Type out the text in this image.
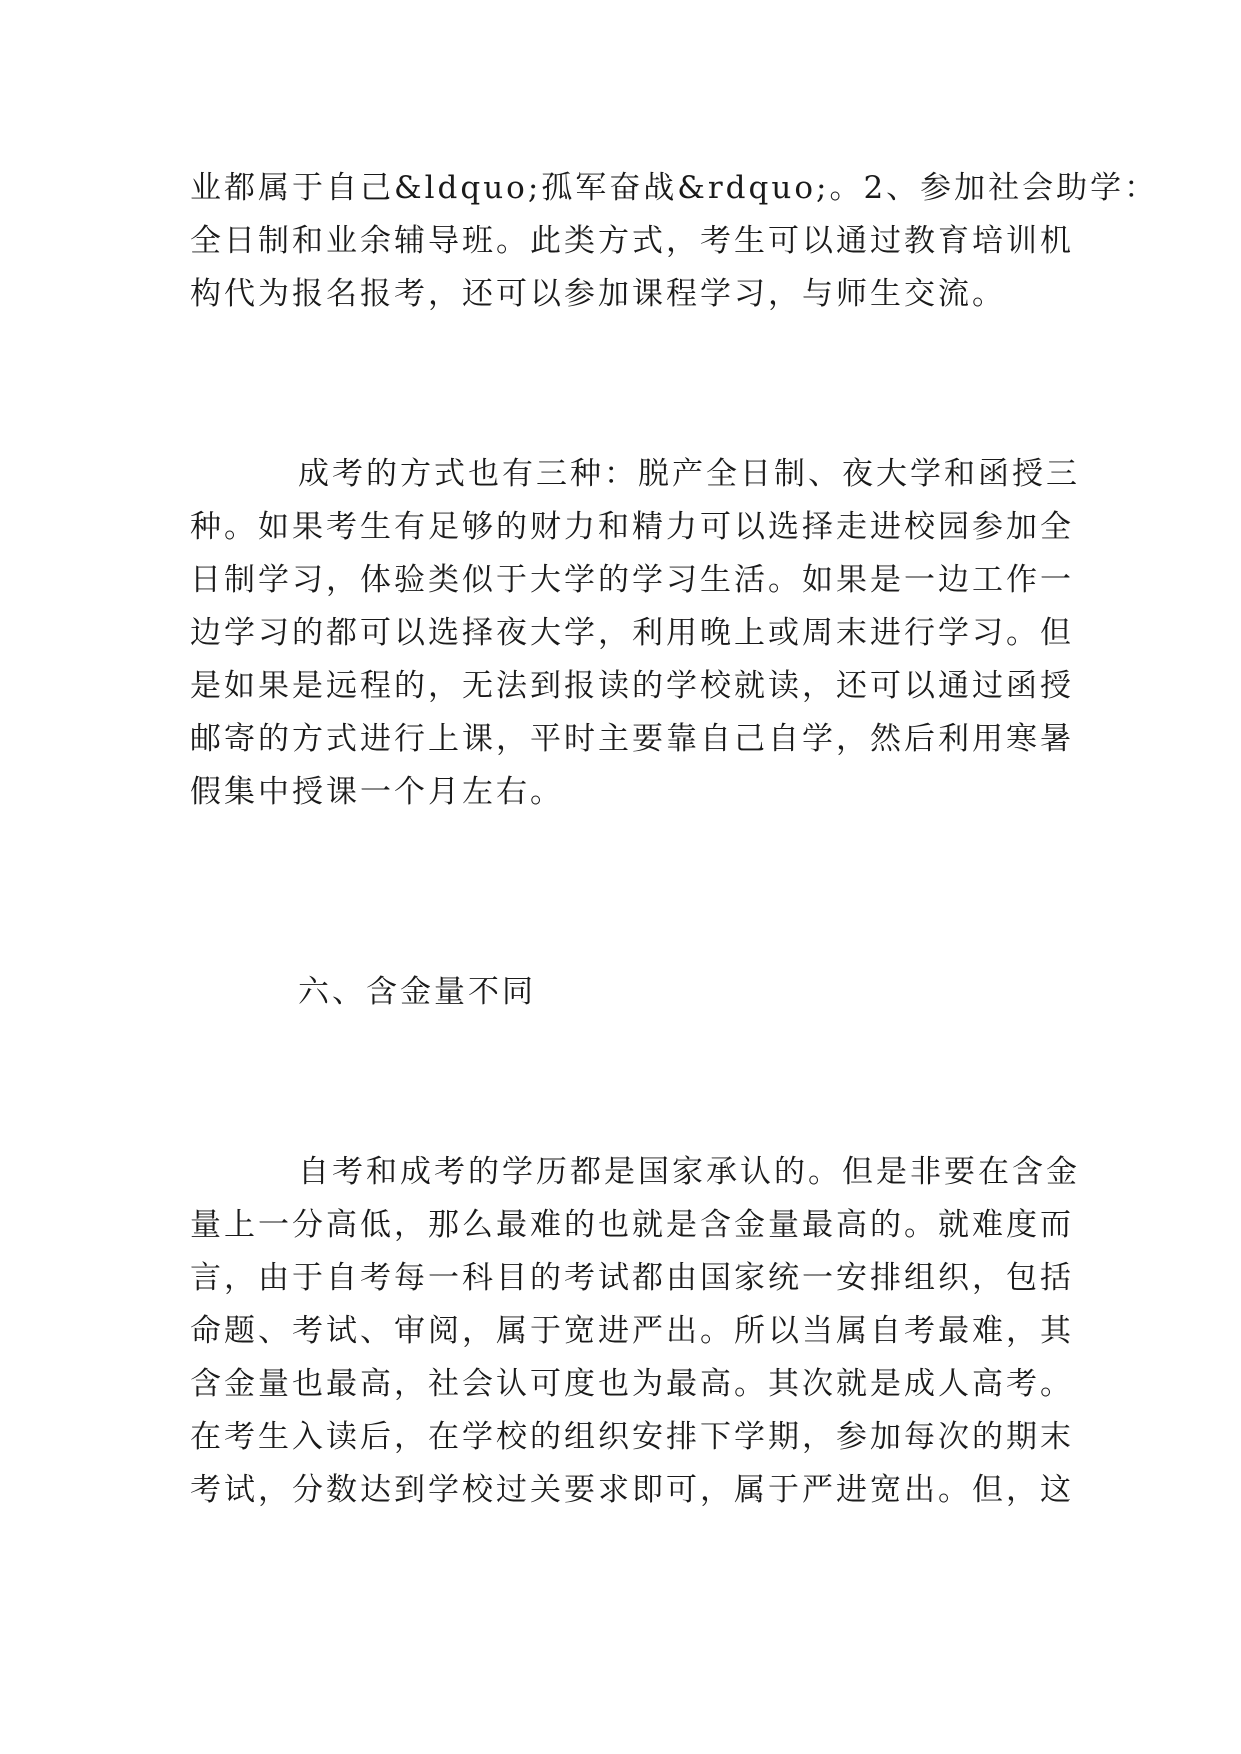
业都属于自己&ldquo;孤军奋战&rdquo;。2、参加社会助学：

全日制和业余辅导班。此类方式，考生可以通过教育培训机

构代为报名报考，还可以参加课程学习，与师生交流。

成考的方式也有三种：脱产全日制、夜大学和函授三

种。如果考生有足够的财力和精力可以选择走进校园参加全

日制学习，体验类似于大学的学习生活。如果是一边工作一

边学习的都可以选择夜大学，利用晚上或周末进行学习。但

是如果是远程的，无法到报读的学校就读，还可以通过函授

邮寄的方式进行上课，平时主要靠自己自学，然后利用寒暑

假集中授课一个月左右。

六、含金量不同

自考和成考的学历都是国家承认的。但是非要在含金

量上一分高低，那么最难的也就是含金量最高的。就难度而

言，由于自考每一科目的考试都由国家统一安排组织，包括

命题、考试、审阅，属于宽进严出。所以当属自考最难，其

含金量也最高，社会认可度也为最高。其次就是成人高考。

在考生入读后，在学校的组织安排下学期，参加每次的期末

考试，分数达到学校过关要求即可，属于严进宽出。但，这
